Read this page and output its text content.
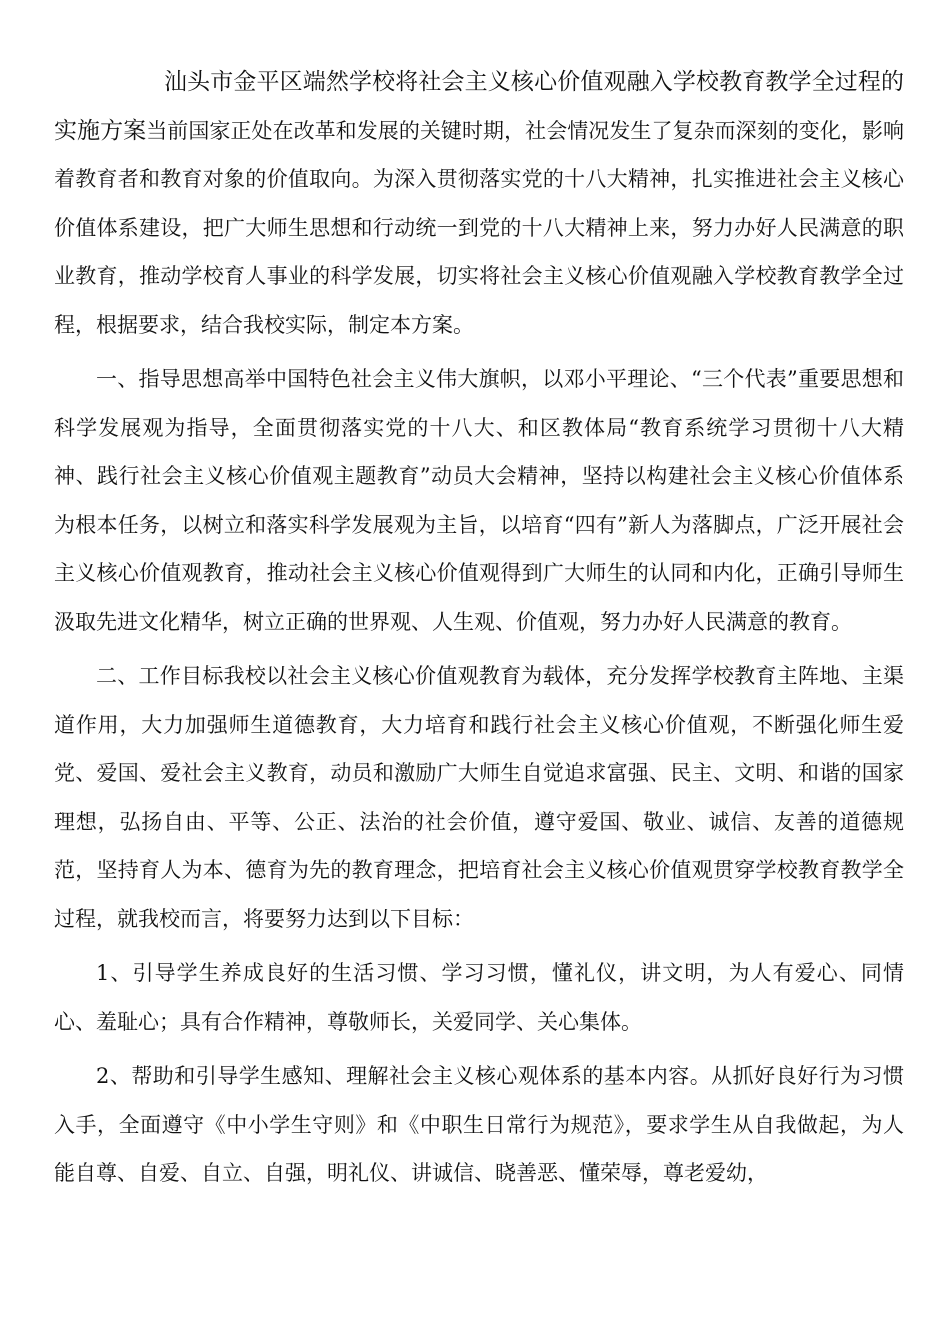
汕头市金平区端然学校将社会主义核心价值观融入学校教育教学全过程的实施方案当前国家正处在改革和发展的关键时期，社会情况发生了复杂而深刻的变化，影响着教育者和教育对象的价值取向。为深入贯彻落实党的十八大精神，扎实推进社会主义核心价值体系建设，把广大师生思想和行动统一到党的十八大精神上来，努力办好人民满意的职业教育，推动学校育人事业的科学发展，切实将社会主义核心价值观融入学校教育教学全过程，根据要求，结合我校实际，制定本方案。

一、指导思想高举中国特色社会主义伟大旗帜，以邓小平理论、“三个代表”重要思想和科学发展观为指导，全面贯彻落实党的十八大、和区教体局“教育系统学习贯彻十八大精神、践行社会主义核心价值观主题教育”动员大会精神，坚持以构建社会主义核心价值体系为根本任务，以树立和落实科学发展观为主旨，以培育“四有”新人为落脚点，广泛开展社会主义核心价值观教育，推动社会主义核心价值观得到广大师生的认同和内化，正确引导师生汲取先进文化精华，树立正确的世界观、人生观、价值观，努力办好人民满意的教育。

二、工作目标我校以社会主义核心价值观教育为载体，充分发挥学校教育主阵地、主渠道作用，大力加强师生道德教育，大力培育和践行社会主义核心价值观，不断强化师生爱党、爱国、爱社会主义教育，动员和激励广大师生自觉追求富强、民主、文明、和谐的国家理想，弘扬自由、平等、公正、法治的社会价值，遵守爱国、敬业、诚信、友善的道德规范，坚持育人为本、德育为先的教育理念，把培育社会主义核心价值观贯穿学校教育教学全过程，就我校而言，将要努力达到以下目标：

1、引导学生养成良好的生活习惯、学习习惯，懂礼仪，讲文明，为人有爱心、同情心、羞耻心；具有合作精神，尊敬师长，关爱同学、关心集体。

2、帮助和引导学生感知、理解社会主义核心观体系的基本内容。从抓好良好行为习惯入手，全面遵守《中小学生守则》和《中职生日常行为规范》，要求学生从自我做起，为人能自尊、自爱、自立、自强，明礼仪、讲诚信、晓善恶、懂荣辱，尊老爱幼，
